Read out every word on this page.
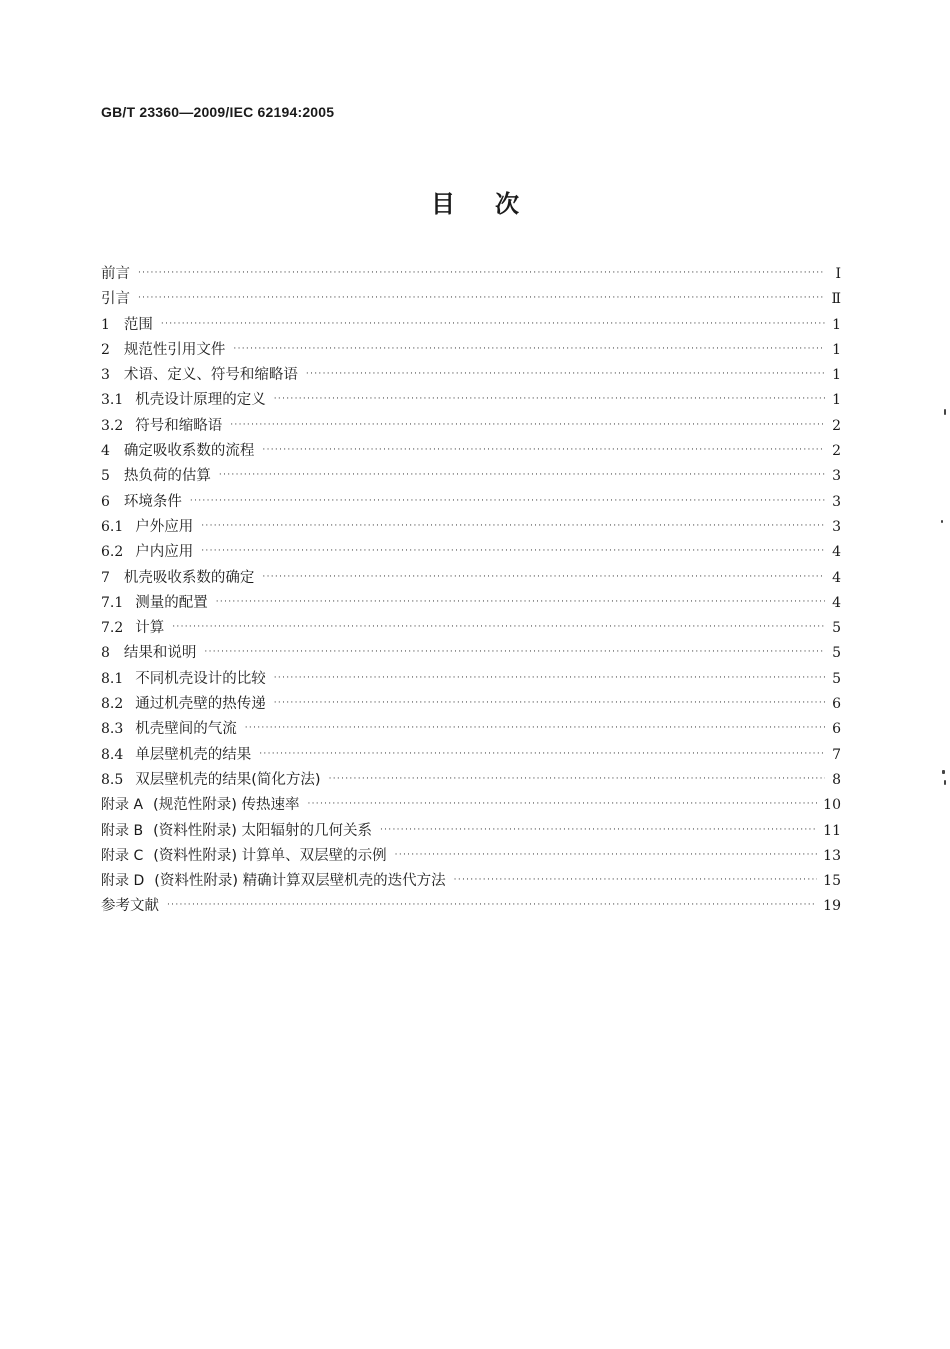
GB/T 23360—2009/IEC 62194:2005
目次
前言 ·····	Ⅰ
引言 ·····	Ⅱ
1 范围 ·····	1
2 规范性引用文件 ·····	1
3 术语、定义、符号和缩略语 ·····	1
3.1 机壳设计原理的定义 ·····	1
3.2 符号和缩略语 ·····	2
4 确定吸收系数的流程 ·····	2
5 热负荷的估算 ·····	3
6 环境条件 ·····	3
6.1 户外应用 ·····	3
6.2 户内应用 ·····	4
7 机壳吸收系数的确定 ·····	4
7.1 测量的配置 ·····	4
7.2 计算 ·····	5
8 结果和说明 ·····	5
8.1 不同机壳设计的比较 ·····	5
8.2 通过机壳壁的热传递 ·····	6
8.3 机壳壁间的气流 ·····	6
8.4 单层壁机壳的结果 ·····	7
8.5 双层壁机壳的结果(简化方法) ·····	8
附录 A (规范性附录) 传热速率 ·····	10
附录 B (资料性附录) 太阳辐射的几何关系 ·····	11
附录 C (资料性附录) 计算单、双层壁的示例 ·····	13
附录 D (资料性附录) 精确计算双层壁机壳的迭代方法 ·····	15
参考文献 ·····	19
